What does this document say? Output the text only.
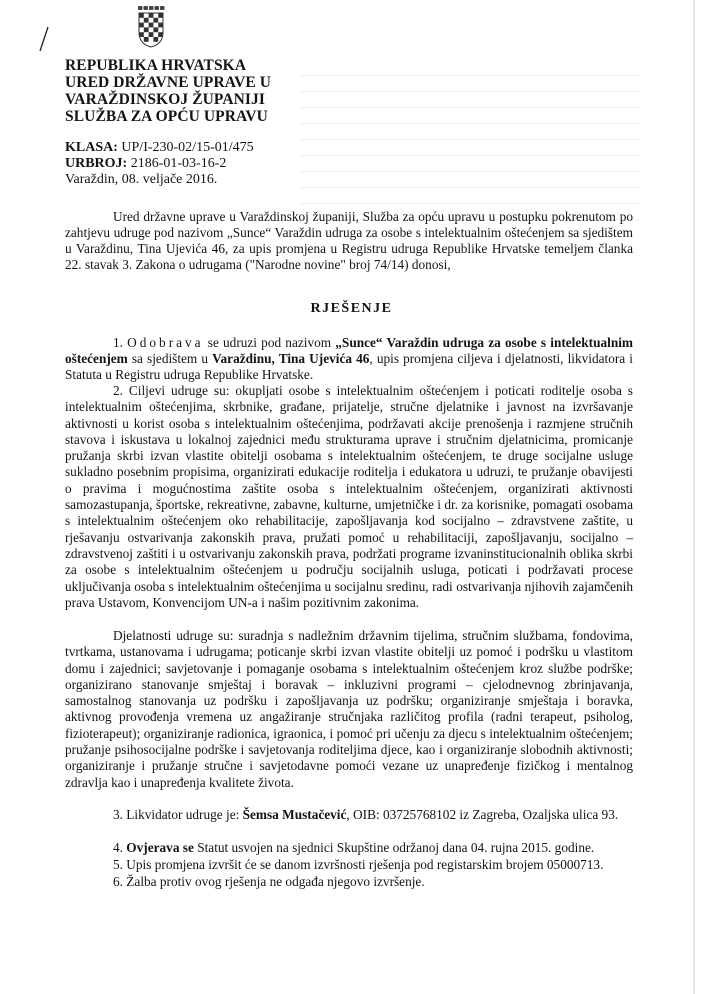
REPUBLIKA HRVATSKA
URED DRŽAVNE UPRAVE U
VARAŽDINSKOJ ŽUPANIJI
SLUŽBA ZA OPĆU UPRAVU
KLASA: UP/I-230-02/15-01/475
URBROJ: 2186-01-03-16-2
Varaždin, 08. veljače 2016.
Ured državne uprave u Varaždinskoj županiji, Služba za opću upravu u postupku pokrenutom po zahtjevu udruge pod nazivom „Sunce“ Varaždin udruga za osobe s intelektualnim oštećenjem sa sjedištem u Varaždinu, Tina Ujevića 46, za upis promjena u Registru udruga Republike Hrvatske temeljem članka 22. stavak 3. Zakona o udrugama ("Narodne novine" broj 74/14) donosi,
RJEŠENJE
1. Odobrava se udruzi pod nazivom „Sunce“ Varaždin udruga za osobe s intelektualnim oštećenjem sa sjedištem u Varaždinu, Tina Ujevića 46, upis promjena ciljeva i djelatnosti, likvidatora i Statuta u Registru udruga Republike Hrvatske.
2. Ciljevi udruge su: okupljati osobe s intelektualnim oštećenjem i poticati roditelje osoba s intelektualnim oštećenjima, skrbnike, građane, prijatelje, stručne djelatnike i javnost na izvršavanje aktivnosti u korist osoba s intelektualnim oštećenjima, podržavati akcije prenošenja i razmjene stručnih stavova i iskustava u lokalnoj zajednici među strukturama uprave i stručnim djelatnicima, promicanje pružanja skrbi izvan vlastite obitelji osobama s intelektualnim oštećenjem, te druge socijalne usluge sukladno posebnim propisima, organizirati edukacije roditelja i edukatora u udruzi, te pružanje obavijesti o pravima i mogućnostima zaštite osoba s intelektualnim oštećenjem, organizirati aktivnosti samozastupanja, športske, rekreativne, zabavne, kulturne, umjetničke i dr. za korisnike, pomagati osobama s intelektualnim oštećenjem oko rehabilitacije, zapošljavanja kod socijalno – zdravstvene zaštite, u rješavanju ostvarivanja zakonskih prava, pružati pomoć u rehabilitaciji, zapošljavanju, socijalno – zdravstvenoj zaštiti i u ostvarivanju zakonskih prava, podržati programe izvaninstitucionalnih oblika skrbi za osobe s intelektualnim oštećenjem u području socijalnih usluga, poticati i podržavati procese uključivanja osoba s intelektualnim oštećenjima u socijalnu sredinu, radi ostvarivanja njihovih zajamčenih prava Ustavom, Konvencijom UN-a i našim pozitivnim zakonima.
Djelatnosti udruge su: suradnja s nadležnim državnim tijelima, stručnim službama, fondovima, tvrtkama, ustanovama i udrugama; poticanje skrbi izvan vlastite obitelji uz pomoć i podršku u vlastitom domu i zajednici; savjetovanje i pomaganje osobama s intelektualnim oštećenjem kroz službe podrške; organizirano stanovanje smještaj i boravak – inkluzivni programi – cjelodnevnog zbrinjavanja, samostalnog stanovanja uz podršku i zapošljavanja uz podršku; organiziranje smještaja i boravka, aktivnog provođenja vremena uz angažiranje stručnjaka različitog profila (radni terapeut, psiholog, fizioterapeut); organiziranje radionica, igraonica, i pomoć pri učenju za djecu s intelektualnim oštećenjem; pružanje psihosocijalne podrške i savjetovanja roditeljima djece, kao i organiziranje slobodnih aktivnosti; organiziranje i pružanje stručne i savjetodavne pomoći vezane uz unapređenje fizičkog i mentalnog zdravlja kao i unapređenja kvalitete života.
3. Likvidator udruge je: Šemsa Mustačević, OIB: 03725768102 iz Zagreba, Ozaljska ulica 93.
4. Ovjerava se Statut usvojen na sjednici Skupštine održanoj dana 04. rujna 2015. godine.
5. Upis promjena izvršit će se danom izvršnosti rješenja pod registarskim brojem 05000713.
6. Žalba protiv ovog rješenja ne odgađa njegovo izvršenje.
